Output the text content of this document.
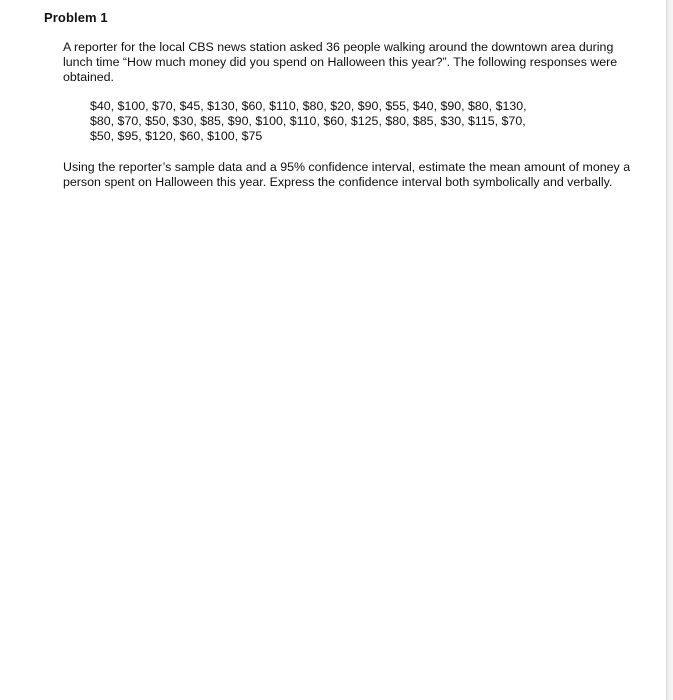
Problem 1

A reporter for the local CBS news station asked 36 people walking around the downtown area during lunch time “How much money did you spend on Halloween this year?”. The following responses were obtained.

$40, $100, $70, $45, $130, $60, $110, $80, $20, $90, $55, $40, $90, $80, $130,
$80, $70, $50, $30, $85, $90, $100, $110, $60, $125, $80, $85, $30, $115, $70,
$50, $95, $120, $60, $100, $75

Using the reporter’s sample data and a 95% confidence interval, estimate the mean amount of money a person spent on Halloween this year. Express the confidence interval both symbolically and verbally.
